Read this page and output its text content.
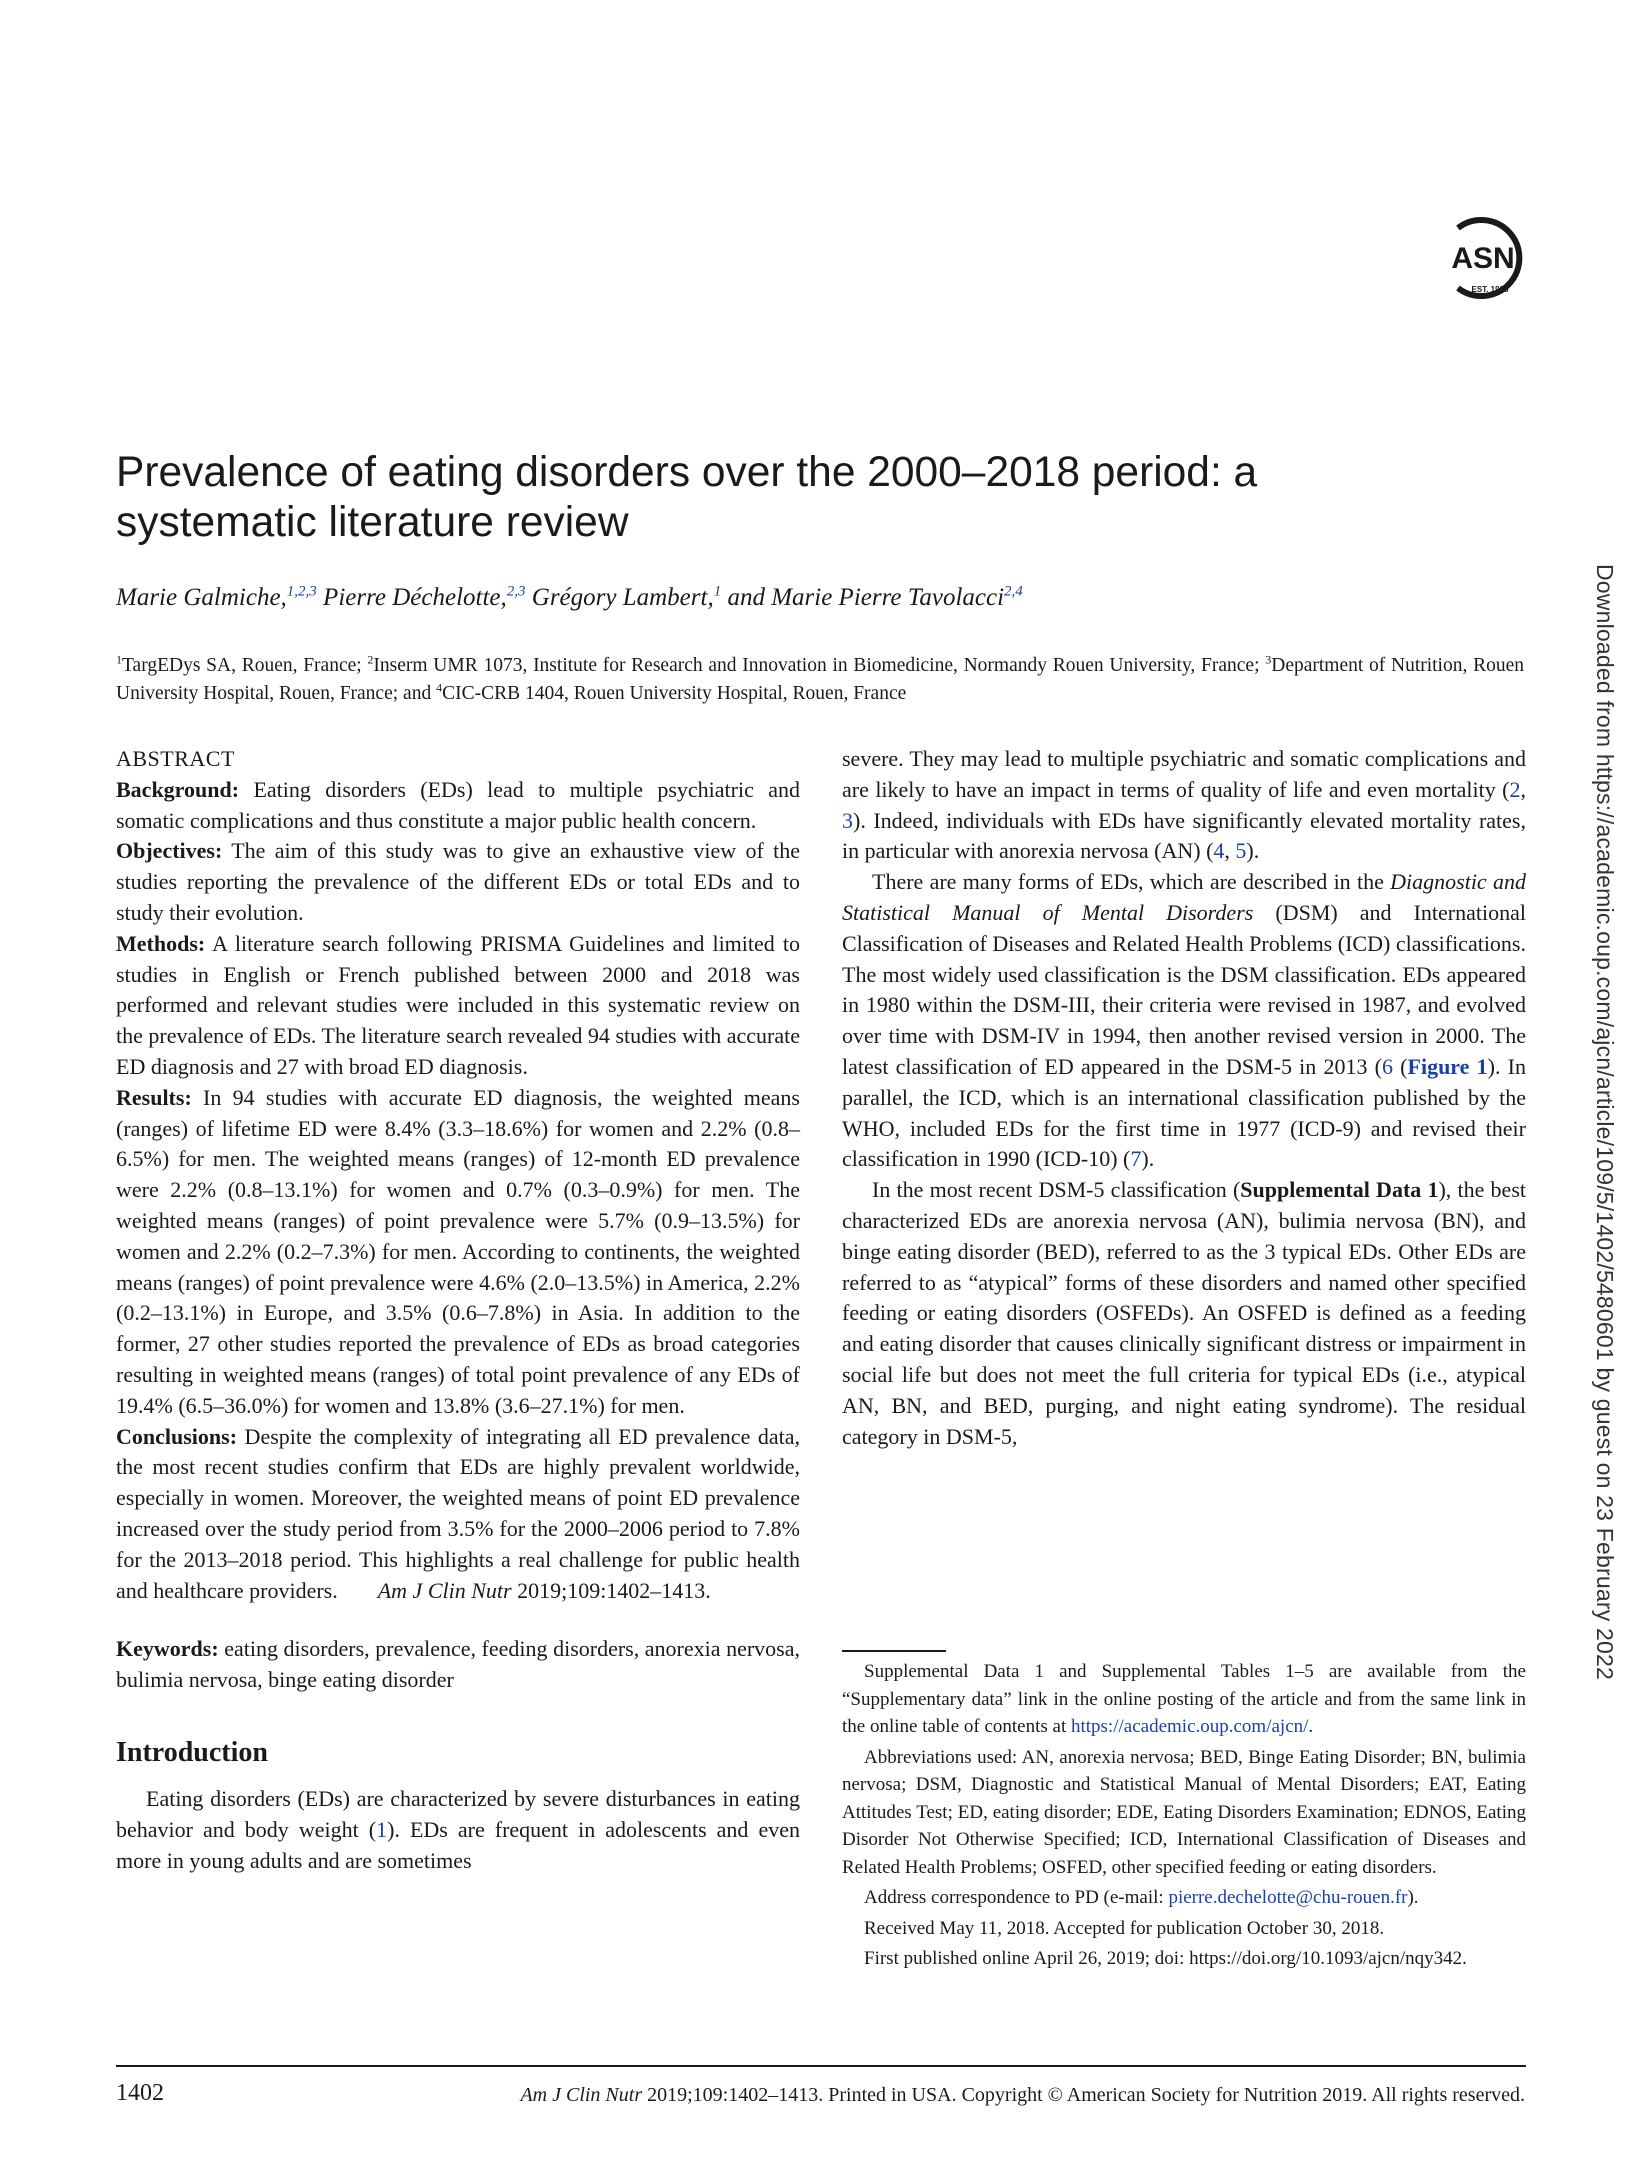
ASN
EST. 1928
Prevalence of eating disorders over the 2000–2018 period: a systematic literature review
Marie Galmiche,$^{1,2,3}$ Pierre Déchelotte,$^{2,3}$ Grégory Lambert,$^1$ and Marie Pierre Tavolacci$^{2,4}$
$^1$TargEDys SA, Rouen, France; $^2$Inserm UMR 1073, Institute for Research and Innovation in Biomedicine, Normandy Rouen University, France; $^3$Department of Nutrition, Rouen University Hospital, Rouen, France; and $^4$CIC-CRB 1404, Rouen University Hospital, Rouen, France
ABSTRACT

Background: Eating disorders (EDs) lead to multiple psychiatric and somatic complications and thus constitute a major public health concern.

Objectives: The aim of this study was to give an exhaustive view of the studies reporting the prevalence of the different EDs or total EDs and to study their evolution.

Methods: A literature search following PRISMA Guidelines and limited to studies in English or French published between 2000 and 2018 was performed and relevant studies were included in this systematic review on the prevalence of EDs. The literature search revealed 94 studies with accurate ED diagnosis and 27 with broad ED diagnosis.

Results: In 94 studies with accurate ED diagnosis, the weighted means (ranges) of lifetime ED were 8.4% (3.3–18.6%) for women and 2.2% (0.8–6.5%) for men. The weighted means (ranges) of 12-month ED prevalence were 2.2% (0.8–13.1%) for women and 0.7% (0.3–0.9%) for men. The weighted means (ranges) of point prevalence were 5.7% (0.9–13.5%) for women and 2.2% (0.2–7.3%) for men. According to continents, the weighted means (ranges) of point prevalence were 4.6% (2.0–13.5%) in America, 2.2% (0.2–13.1%) in Europe, and 3.5% (0.6–7.8%) in Asia. In addition to the former, 27 other studies reported the prevalence of EDs as broad categories resulting in weighted means (ranges) of total point prevalence of any EDs of 19.4% (6.5–36.0%) for women and 13.8% (3.6–27.1%) for men.

Conclusions: Despite the complexity of integrating all ED prevalence data, the most recent studies confirm that EDs are highly prevalent worldwide, especially in women. Moreover, the weighted means of point ED prevalence increased over the study period from 3.5% for the 2000–2006 period to 7.8% for the 2013–2018 period. This highlights a real challenge for public health and healthcare providers. Am J Clin Nutr 2019;109:1402–1413.

Keywords: eating disorders, prevalence, feeding disorders, anorexia nervosa, bulimia nervosa, binge eating disorder

Introduction

Eating disorders (EDs) are characterized by severe disturbances in eating behavior and body weight (1). EDs are frequent in adolescents and even more in young adults and are sometimes

severe. They may lead to multiple psychiatric and somatic complications and are likely to have an impact in terms of quality of life and even mortality (2, 3). Indeed, individuals with EDs have significantly elevated mortality rates, in particular with anorexia nervosa (AN) (4, 5).

There are many forms of EDs, which are described in the Diagnostic and Statistical Manual of Mental Disorders (DSM) and International Classification of Diseases and Related Health Problems (ICD) classifications. The most widely used classification is the DSM classification. EDs appeared in 1980 within the DSM-III, their criteria were revised in 1987, and evolved over time with DSM-IV in 1994, then another revised version in 2000. The latest classification of ED appeared in the DSM-5 in 2013 (6 (Figure 1). In parallel, the ICD, which is an international classification published by the WHO, included EDs for the first time in 1977 (ICD-9) and revised their classification in 1990 (ICD-10) (7).

In the most recent DSM-5 classification (Supplemental Data 1), the best characterized EDs are anorexia nervosa (AN), bulimia nervosa (BN), and binge eating disorder (BED), referred to as the 3 typical EDs. Other EDs are referred to as “atypical” forms of these disorders and named other specified feeding or eating disorders (OSFEDs). An OSFED is defined as a feeding and eating disorder that causes clinically significant distress or impairment in social life but does not meet the full criteria for typical EDs (i.e., atypical AN, BN, and BED, purging, and night eating syndrome). The residual category in DSM-5,

Supplemental Data 1 and Supplemental Tables 1–5 are available from the “Supplementary data” link in the online posting of the article and from the same link in the online table of contents at https://academic.oup.com/ajcn/.

Abbreviations used: AN, anorexia nervosa; BED, Binge Eating Disorder; BN, bulimia nervosa; DSM, Diagnostic and Statistical Manual of Mental Disorders; EAT, Eating Attitudes Test; ED, eating disorder; EDE, Eating Disorders Examination; EDNOS, Eating Disorder Not Otherwise Specified; ICD, International Classification of Diseases and Related Health Problems; OSFED, other specified feeding or eating disorders.

Address correspondence to PD (e-mail: pierre.dechelotte@chu-rouen.fr).

Received May 11, 2018. Accepted for publication October 30, 2018.

First published online April 26, 2019; doi: https://doi.org/10.1093/ajcn/nqy342.

1402	Am J Clin Nutr 2019;109:1402–1413. Printed in USA. Copyright © American Society for Nutrition 2019. All rights reserved.
Downloaded from https://academic.oup.com/ajcn/article/109/5/1402/5480601 by guest on 23 February 2022
